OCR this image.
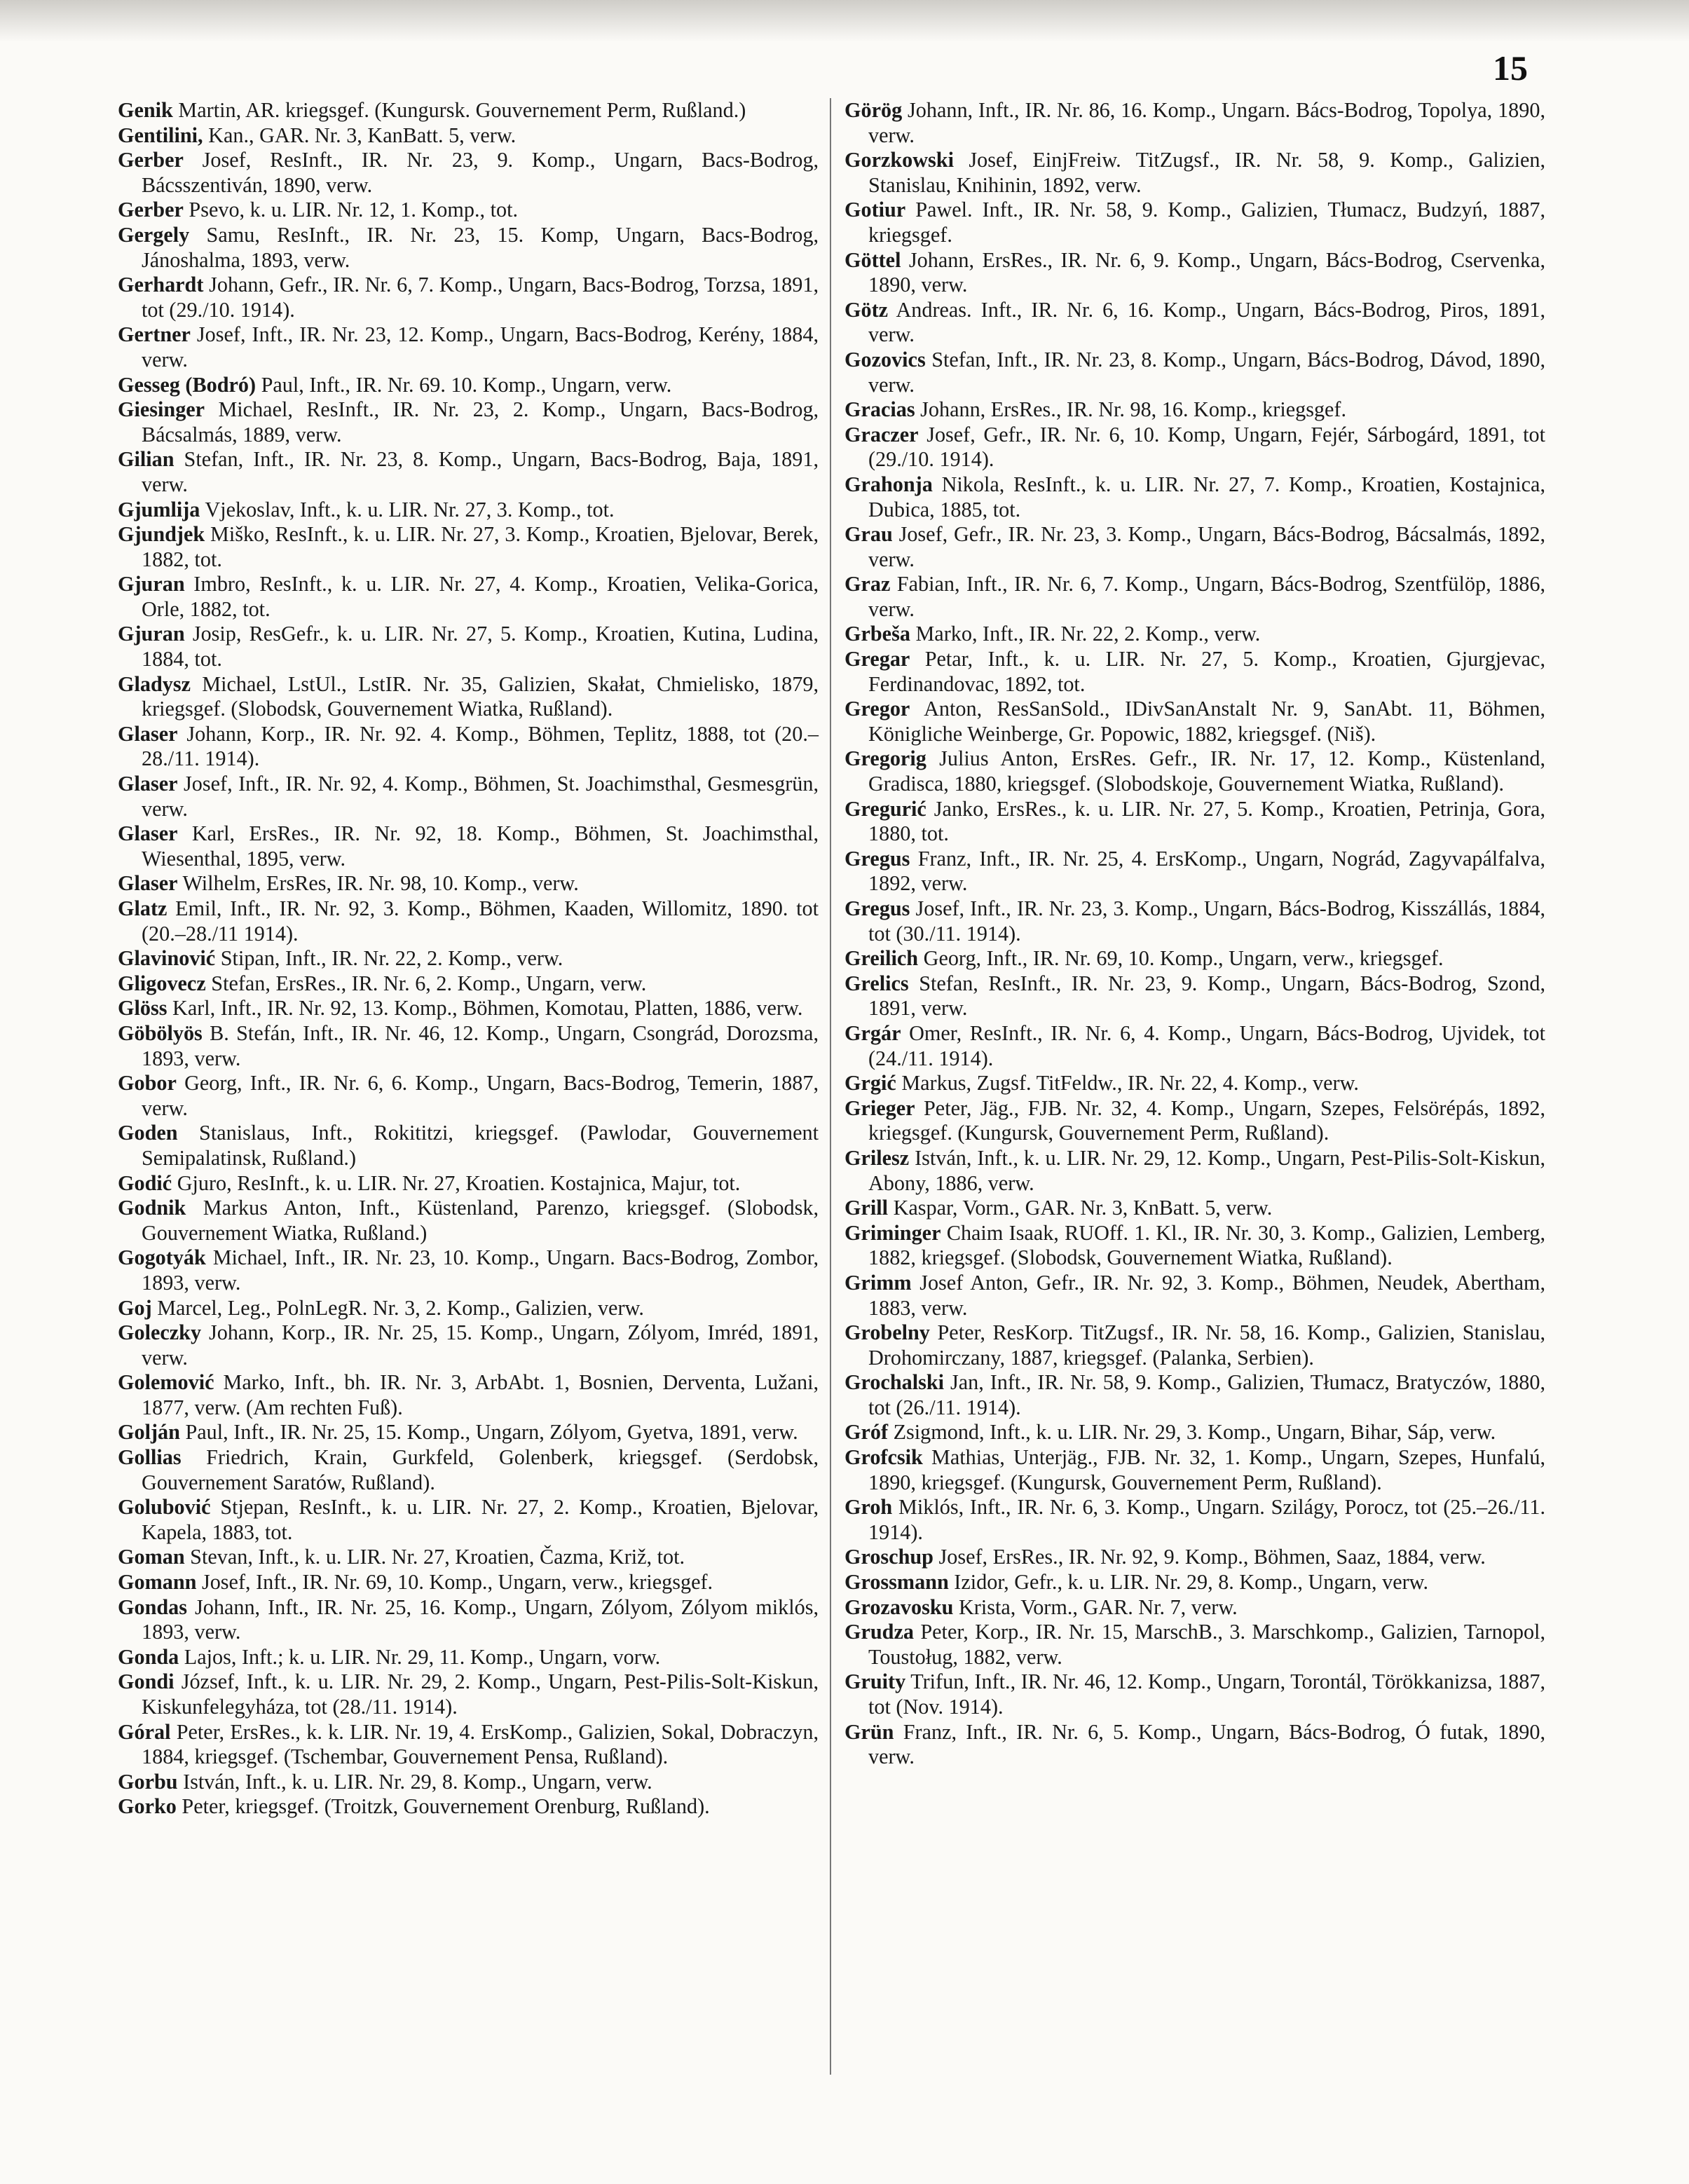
15

Genik Martin, AR. kriegsgef. (Kungursk. Gouvernement Perm, Rußland.)

Gentilini, Kan., GAR. Nr. 3, KanBatt. 5, verw.

Gerber Josef, ResInft., IR. Nr. 23, 9. Komp., Ungarn, Bacs-Bodrog, Bácsszentiván, 1890, verw.

Gerber Psevo, k. u. LIR. Nr. 12, 1. Komp., tot.

Gergely Samu, ResInft., IR. Nr. 23, 15. Komp, Ungarn, Bacs-Bodrog, Jánoshalma, 1893, verw.

Gerhardt Johann, Gefr., IR. Nr. 6, 7. Komp., Ungarn, Bacs-Bodrog, Torzsa, 1891, tot (29./10. 1914).

Gertner Josef, Inft., IR. Nr. 23, 12. Komp., Ungarn, Bacs-Bodrog, Kerény, 1884, verw.

Gesseg (Bodró) Paul, Inft., IR. Nr. 69. 10. Komp., Ungarn, verw.

Giesinger Michael, ResInft., IR. Nr. 23, 2. Komp., Ungarn, Bacs-Bodrog, Bácsalmás, 1889, verw.

Gilian Stefan, Inft., IR. Nr. 23, 8. Komp., Ungarn, Bacs-Bodrog, Baja, 1891, verw.

Gjumlija Vjekoslav, Inft., k. u. LIR. Nr. 27, 3. Komp., tot.

Gjundjek Miško, ResInft., k. u. LIR. Nr. 27, 3. Komp., Kroatien, Bjelovar, Berek, 1882, tot.

Gjuran Imbro, ResInft., k. u. LIR. Nr. 27, 4. Komp., Kroatien, Velika-Gorica, Orle, 1882, tot.

Gjuran Josip, ResGefr., k. u. LIR. Nr. 27, 5. Komp., Kroatien, Kutina, Ludina, 1884, tot.

Gladysz Michael, LstUl., LstIR. Nr. 35, Galizien, Skałat, Chmielisko, 1879, kriegsgef. (Slobodsk, Gouvernement Wiatka, Rußland).

Glaser Johann, Korp., IR. Nr. 92. 4. Komp., Böhmen, Teplitz, 1888, tot (20.–28./11. 1914).

Glaser Josef, Inft., IR. Nr. 92, 4. Komp., Böhmen, St. Joachimsthal, Gesmesgrün, verw.

Glaser Karl, ErsRes., IR. Nr. 92, 18. Komp., Böhmen, St. Joachimsthal, Wiesenthal, 1895, verw.

Glaser Wilhelm, ErsRes, IR. Nr. 98, 10. Komp., verw.

Glatz Emil, Inft., IR. Nr. 92, 3. Komp., Böhmen, Kaaden, Willomitz, 1890. tot (20.–28./11 1914).

Glavinović Stipan, Inft., IR. Nr. 22, 2. Komp., verw.

Gligovecz Stefan, ErsRes., IR. Nr. 6, 2. Komp., Ungarn, verw.

Glöss Karl, Inft., IR. Nr. 92, 13. Komp., Böhmen, Komotau, Platten, 1886, verw.

Göbölyös B. Stefán, Inft., IR. Nr. 46, 12. Komp., Ungarn, Csongrád, Dorozsma, 1893, verw.

Gobor Georg, Inft., IR. Nr. 6, 6. Komp., Ungarn, Bacs-Bodrog, Temerin, 1887, verw.

Goden Stanislaus, Inft., Rokititzi, kriegsgef. (Pawlodar, Gouvernement Semipalatinsk, Rußland.)

Godić Gjuro, ResInft., k. u. LIR. Nr. 27, Kroatien. Kostajnica, Majur, tot.

Godnik Markus Anton, Inft., Küstenland, Parenzo, kriegsgef. (Slobodsk, Gouvernement Wiatka, Rußland.)

Gogotyák Michael, Inft., IR. Nr. 23, 10. Komp., Ungarn. Bacs-Bodrog, Zombor, 1893, verw.

Goj Marcel, Leg., PolnLegR. Nr. 3, 2. Komp., Galizien, verw.

Goleczky Johann, Korp., IR. Nr. 25, 15. Komp., Ungarn, Zólyom, Imréd, 1891, verw.

Golemović Marko, Inft., bh. IR. Nr. 3, ArbAbt. 1, Bosnien, Derventa, Lužani, 1877, verw. (Am rechten Fuß).

Golján Paul, Inft., IR. Nr. 25, 15. Komp., Ungarn, Zólyom, Gyetva, 1891, verw.

Gollias Friedrich, Krain, Gurkfeld, Golenberk, kriegsgef. (Serdobsk, Gouvernement Saratów, Rußland).

Golubović Stjepan, ResInft., k. u. LIR. Nr. 27, 2. Komp., Kroatien, Bjelovar, Kapela, 1883, tot.

Goman Stevan, Inft., k. u. LIR. Nr. 27, Kroatien, Čazma, Križ, tot.

Gomann Josef, Inft., IR. Nr. 69, 10. Komp., Ungarn, verw., kriegsgef.

Gondas Johann, Inft., IR. Nr. 25, 16. Komp., Ungarn, Zólyom, Zólyom miklós, 1893, verw.

Gonda Lajos, Inft.; k. u. LIR. Nr. 29, 11. Komp., Ungarn, vorw.

Gondi József, Inft., k. u. LIR. Nr. 29, 2. Komp., Ungarn, Pest-Pilis-Solt-Kiskun, Kiskunfelegyháza, tot (28./11. 1914).

Góral Peter, ErsRes., k. k. LIR. Nr. 19, 4. ErsKomp., Galizien, Sokal, Dobraczyn, 1884, kriegsgef. (Tschembar, Gouvernement Pensa, Rußland).

Gorbu István, Inft., k. u. LIR. Nr. 29, 8. Komp., Ungarn, verw.

Gorko Peter, kriegsgef. (Troitzk, Gouvernement Orenburg, Rußland).

Görög Johann, Inft., IR. Nr. 86, 16. Komp., Ungarn. Bács-Bodrog, Topolya, 1890, verw.

Gorzkowski Josef, EinjFreiw. TitZugsf., IR. Nr. 58, 9. Komp., Galizien, Stanislau, Knihinin, 1892, verw.

Gotiur Pawel. Inft., IR. Nr. 58, 9. Komp., Galizien, Tłumacz, Budzyń, 1887, kriegsgef.

Göttel Johann, ErsRes., IR. Nr. 6, 9. Komp., Ungarn, Bács-Bodrog, Cservenka, 1890, verw.

Götz Andreas. Inft., IR. Nr. 6, 16. Komp., Ungarn, Bács-Bodrog, Piros, 1891, verw.

Gozovics Stefan, Inft., IR. Nr. 23, 8. Komp., Ungarn, Bács-Bodrog, Dávod, 1890, verw.

Gracias Johann, ErsRes., IR. Nr. 98, 16. Komp., kriegsgef.

Graczer Josef, Gefr., IR. Nr. 6, 10. Komp, Ungarn, Fejér, Sárbogárd, 1891, tot (29./10. 1914).

Grahonja Nikola, ResInft., k. u. LIR. Nr. 27, 7. Komp., Kroatien, Kostajnica, Dubica, 1885, tot.

Grau Josef, Gefr., IR. Nr. 23, 3. Komp., Ungarn, Bács-Bodrog, Bácsalmás, 1892, verw.

Graz Fabian, Inft., IR. Nr. 6, 7. Komp., Ungarn, Bács-Bodrog, Szentfülöp, 1886, verw.

Grbeša Marko, Inft., IR. Nr. 22, 2. Komp., verw.

Gregar Petar, Inft., k. u. LIR. Nr. 27, 5. Komp., Kroatien, Gjurgjevac, Ferdinandovac, 1892, tot.

Gregor Anton, ResSanSold., IDivSanAnstalt Nr. 9, SanAbt. 11, Böhmen, Königliche Weinberge, Gr. Popowic, 1882, kriegsgef. (Niš).

Gregorig Julius Anton, ErsRes. Gefr., IR. Nr. 17, 12. Komp., Küstenland, Gradisca, 1880, kriegsgef. (Slobodskoje, Gouvernement Wiatka, Rußland).

Gregurić Janko, ErsRes., k. u. LIR. Nr. 27, 5. Komp., Kroatien, Petrinja, Gora, 1880, tot.

Gregus Franz, Inft., IR. Nr. 25, 4. ErsKomp., Ungarn, Nográd, Zagyvapálfalva, 1892, verw.

Gregus Josef, Inft., IR. Nr. 23, 3. Komp., Ungarn, Bács-Bodrog, Kisszállás, 1884, tot (30./11. 1914).

Greilich Georg, Inft., IR. Nr. 69, 10. Komp., Ungarn, verw., kriegsgef.

Grelics Stefan, ResInft., IR. Nr. 23, 9. Komp., Ungarn, Bács-Bodrog, Szond, 1891, verw.

Grgár Omer, ResInft., IR. Nr. 6, 4. Komp., Ungarn, Bács-Bodrog, Ujvidek, tot (24./11. 1914).

Grgić Markus, Zugsf. TitFeldw., IR. Nr. 22, 4. Komp., verw.

Grieger Peter, Jäg., FJB. Nr. 32, 4. Komp., Ungarn, Szepes, Felsörépás, 1892, kriegsgef. (Kungursk, Gouvernement Perm, Rußland).

Grilesz István, Inft., k. u. LIR. Nr. 29, 12. Komp., Ungarn, Pest-Pilis-Solt-Kiskun, Abony, 1886, verw.

Grill Kaspar, Vorm., GAR. Nr. 3, KnBatt. 5, verw.

Griminger Chaim Isaak, RUOff. 1. Kl., IR. Nr. 30, 3. Komp., Galizien, Lemberg, 1882, kriegsgef. (Slobodsk, Gouvernement Wiatka, Rußland).

Grimm Josef Anton, Gefr., IR. Nr. 92, 3. Komp., Böhmen, Neudek, Abertham, 1883, verw.

Grobelny Peter, ResKorp. TitZugsf., IR. Nr. 58, 16. Komp., Galizien, Stanislau, Drohomirczany, 1887, kriegsgef. (Palanka, Serbien).

Grochalski Jan, Inft., IR. Nr. 58, 9. Komp., Galizien, Tłumacz, Bratyczów, 1880, tot (26./11. 1914).

Gróf Zsigmond, Inft., k. u. LIR. Nr. 29, 3. Komp., Ungarn, Bihar, Sáp, verw.

Grofcsik Mathias, Unterjäg., FJB. Nr. 32, 1. Komp., Ungarn, Szepes, Hunfalú, 1890, kriegsgef. (Kungursk, Gouvernement Perm, Rußland).

Groh Miklós, Inft., IR. Nr. 6, 3. Komp., Ungarn. Szilágy, Porocz, tot (25.–26./11. 1914).

Groschup Josef, ErsRes., IR. Nr. 92, 9. Komp., Böhmen, Saaz, 1884, verw.

Grossmann Izidor, Gefr., k. u. LIR. Nr. 29, 8. Komp., Ungarn, verw.

Grozavosku Krista, Vorm., GAR. Nr. 7, verw.

Grudza Peter, Korp., IR. Nr. 15, MarschB., 3. Marschkomp., Galizien, Tarnopol, Toustoług, 1882, verw.

Gruity Trifun, Inft., IR. Nr. 46, 12. Komp., Ungarn, Torontál, Törökkanizsa, 1887, tot (Nov. 1914).

Grün Franz, Inft., IR. Nr. 6, 5. Komp., Ungarn, Bács-Bodrog, Ó futak, 1890, verw.
